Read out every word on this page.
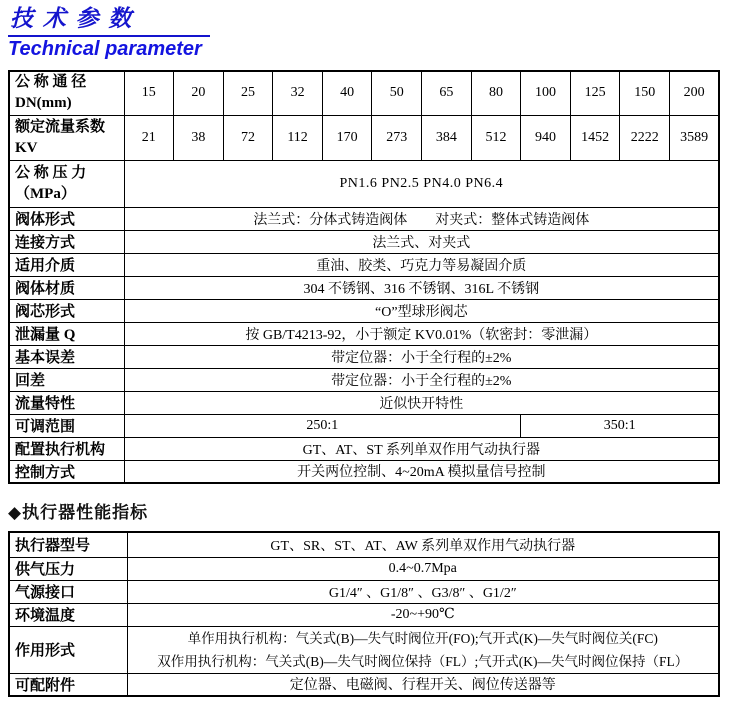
技 术 参 数
Technical parameter
公 称 通 径
DN(mm)	15	20	25	32	40	50	65	80	100	125	150	200

额定流量系数
KV	21	38	72	112	170	273	384	512	940	1452	2222	3589

公 称 压 力
（MPa）	PN1.6 PN2.5 PN4.0 PN6.4											
阀体形式	法兰式：分体式铸造阀体　　对夹式：整体式铸造阀体											
连接方式	法兰式、对夹式											
适用介质	重油、胶类、巧克力等易凝固介质											
阀体材质	304 不锈钢、316 不锈钢、316L 不锈钢											
阀芯形式	“O”型球形阀芯											
泄漏量 Q	按 GB/T4213-92，小于额定 KV0.01%（软密封：零泄漏）											
基本误差	带定位器：小于全行程的±2%											
回差	带定位器：小于全行程的±2%											
流量特性	近似快开特性											
可调范围	250:1								350:1			
配置执行机构	GT、AT、ST 系列单双作用气动执行器											
控制方式	开关两位控制、4~20mA 模拟量信号控制											
◆执行器性能指标
执行器型号	GT、SR、ST、AT、AW 系列单双作用气动执行器
供气压力	0.4~0.7Mpa
气源接口	G1/4″ 、G1/8″ 、G3/8″ 、G1/2″
环境温度	-20~+90℃
作用形式	单作用执行机构：气关式(B)—失气时阀位开(FO);气开式(K)—失气时阀位关(FC)
双作用执行机构：气关式(B)—失气时阀位保持（FL）;气开式(K)—失气时阀位保持（FL）

可配附件	定位器、电磁阀、行程开关、阀位传送器等
